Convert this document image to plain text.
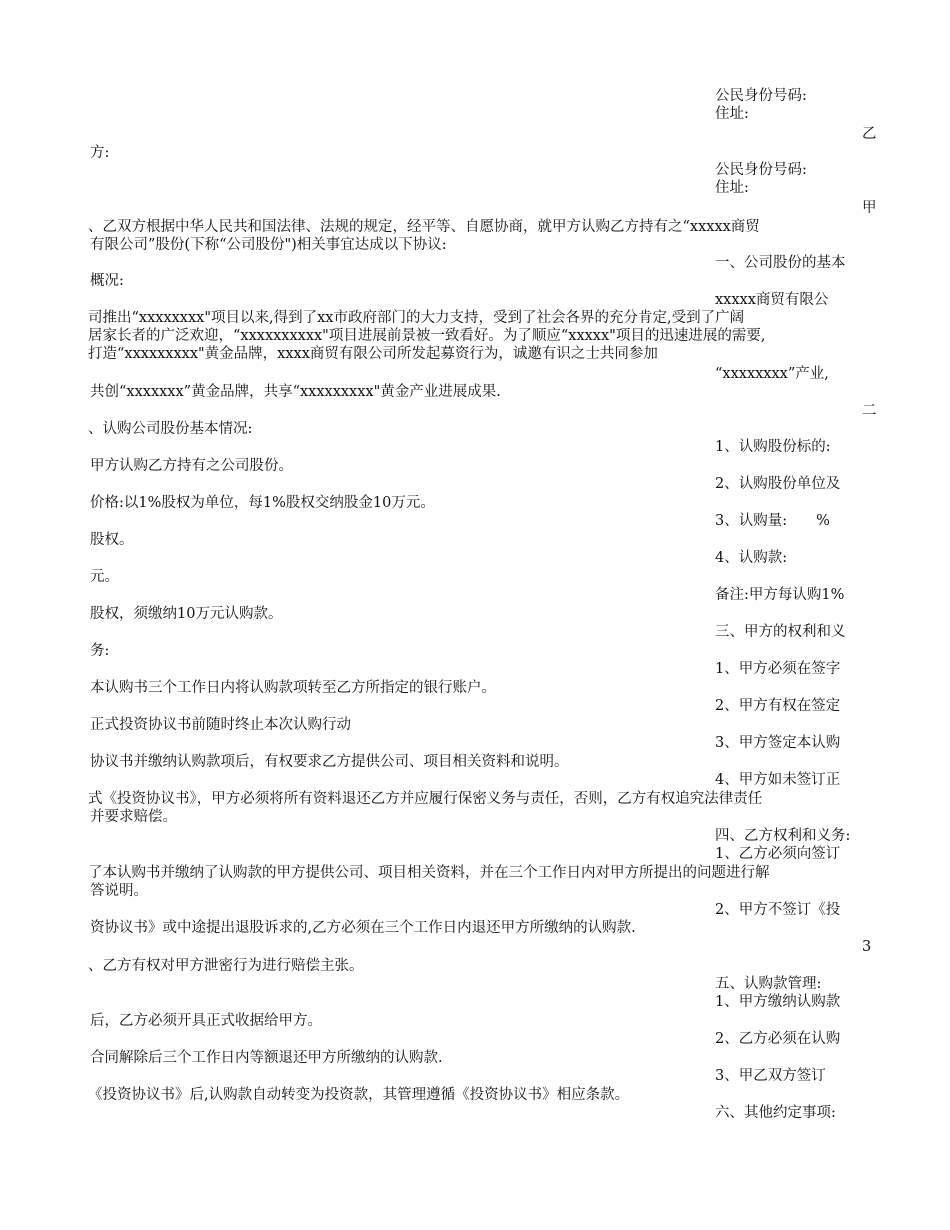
公民身份号码:
住址:
乙
方:
公民身份号码:
住址:
甲
、乙双方根据中华人民共和国法律、法规的规定，经平等、自愿协商，就甲方认购乙方持有之“xxxxx商贸
有限公司”股份(下称“公司股份")相关事宜达成以下协议:
一、公司股份的基本
概况:
xxxxx商贸有限公
司推出“xxxxxxxx"项目以来,得到了xx市政府部门的大力支持，受到了社会各界的充分肯定,受到了广阔
居家长者的广泛欢迎，“xxxxxxxxxx"项目进展前景被一致看好。为了顺应“xxxxx"项目的迅速进展的需要,
打造“xxxxxxxxx"黄金品牌，xxxx商贸有限公司所发起募资行为，诚邀有识之士共同参加
“xxxxxxxx”产业,
共创“xxxxxxx”黄金品牌，共享“xxxxxxxxx"黄金产业进展成果.
二
、认购公司股份基本情况:
1、认购股份标的:
甲方认购乙方持有之公司股份。
2、认购股份单位及
价格:以1%股权为单位，每1%股权交纳股金10万元。
3、认购量:　　%
股权。
4、认购款:
元。
备注:甲方每认购1%
股权，须缴纳10万元认购款。
三、甲方的权利和义
务:
1、甲方必须在签字
本认购书三个工作日内将认购款项转至乙方所指定的银行账户。
2、甲方有权在签定
正式投资协议书前随时终止本次认购行动
3、甲方签定本认购
协议书并缴纳认购款项后，有权要求乙方提供公司、项目相关资料和说明。
4、甲方如未签订正
式《投资协议书》，甲方必须将所有资料退还乙方并应履行保密义务与责任，否则，乙方有权追究法律责任
并要求赔偿。
四、乙方权利和义务:
1、乙方必须向签订
了本认购书并缴纳了认购款的甲方提供公司、项目相关资料，并在三个工作日内对甲方所提出的问题进行解
答说明。
2、甲方不签订《投
资协议书》或中途提出退股诉求的,乙方必须在三个工作日内退还甲方所缴纳的认购款.
3
、乙方有权对甲方泄密行为进行赔偿主张。
五、认购款管理:
1、甲方缴纳认购款
后，乙方必须开具正式收据给甲方。
2、乙方必须在认购
合同解除后三个工作日内等额退还甲方所缴纳的认购款.
3、甲乙双方签订
《投资协议书》后,认购款自动转变为投资款，其管理遵循《投资协议书》相应条款。
六、其他约定事项:
